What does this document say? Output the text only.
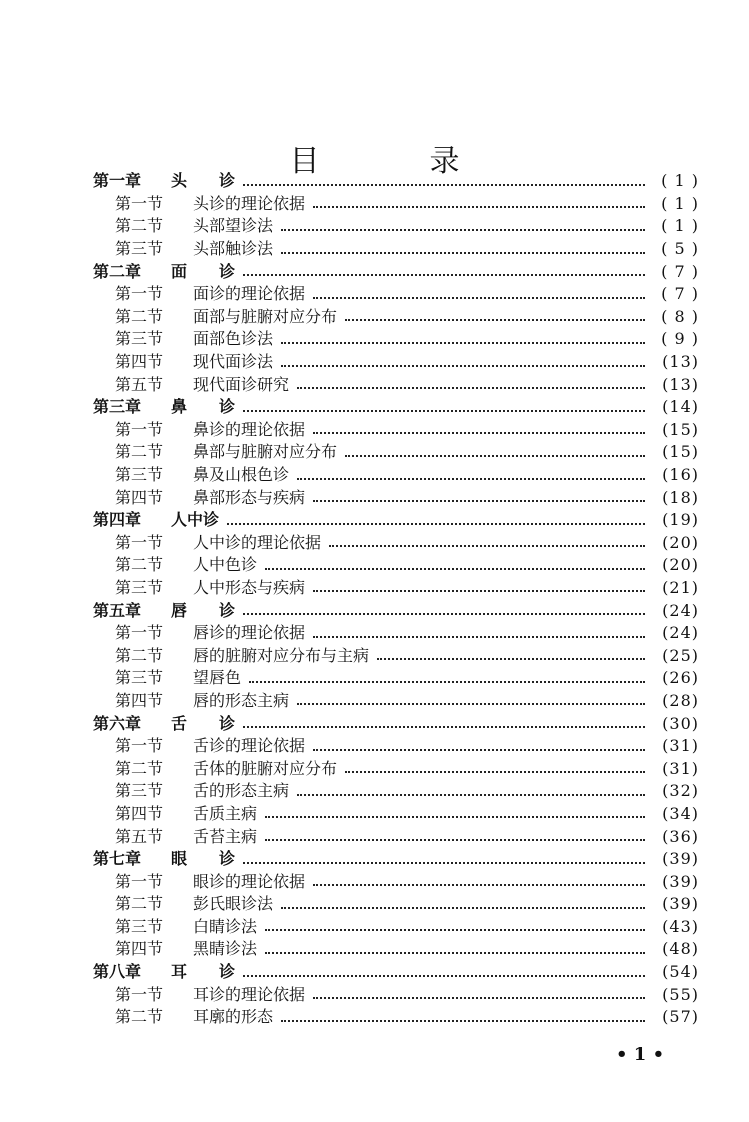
目　录
第一章 头　　诊	( 1 )
第一节 头诊的理论依据	( 1 )
第二节 头部望诊法	( 1 )
第三节 头部触诊法	( 5 )
第二章 面　　诊	( 7 )
第一节 面诊的理论依据	( 7 )
第二节 面部与脏腑对应分布	( 8 )
第三节 面部色诊法	( 9 )
第四节 现代面诊法	(13)
第五节 现代面诊研究	(13)
第三章 鼻　　诊	(14)
第一节 鼻诊的理论依据	(15)
第二节 鼻部与脏腑对应分布	(15)
第三节 鼻及山根色诊	(16)
第四节 鼻部形态与疾病	(18)
第四章 人中诊	(19)
第一节 人中诊的理论依据	(20)
第二节 人中色诊	(20)
第三节 人中形态与疾病	(21)
第五章 唇　　诊	(24)
第一节 唇诊的理论依据	(24)
第二节 唇的脏腑对应分布与主病	(25)
第三节 望唇色	(26)
第四节 唇的形态主病	(28)
第六章 舌　　诊	(30)
第一节 舌诊的理论依据	(31)
第二节 舌体的脏腑对应分布	(31)
第三节 舌的形态主病	(32)
第四节 舌质主病	(34)
第五节 舌苔主病	(36)
第七章 眼　　诊	(39)
第一节 眼诊的理论依据	(39)
第二节 彭氏眼诊法	(39)
第三节 白睛诊法	(43)
第四节 黑睛诊法	(48)
第八章 耳　　诊	(54)
第一节 耳诊的理论依据	(55)
第二节 耳廓的形态	(57)
• 1 •
